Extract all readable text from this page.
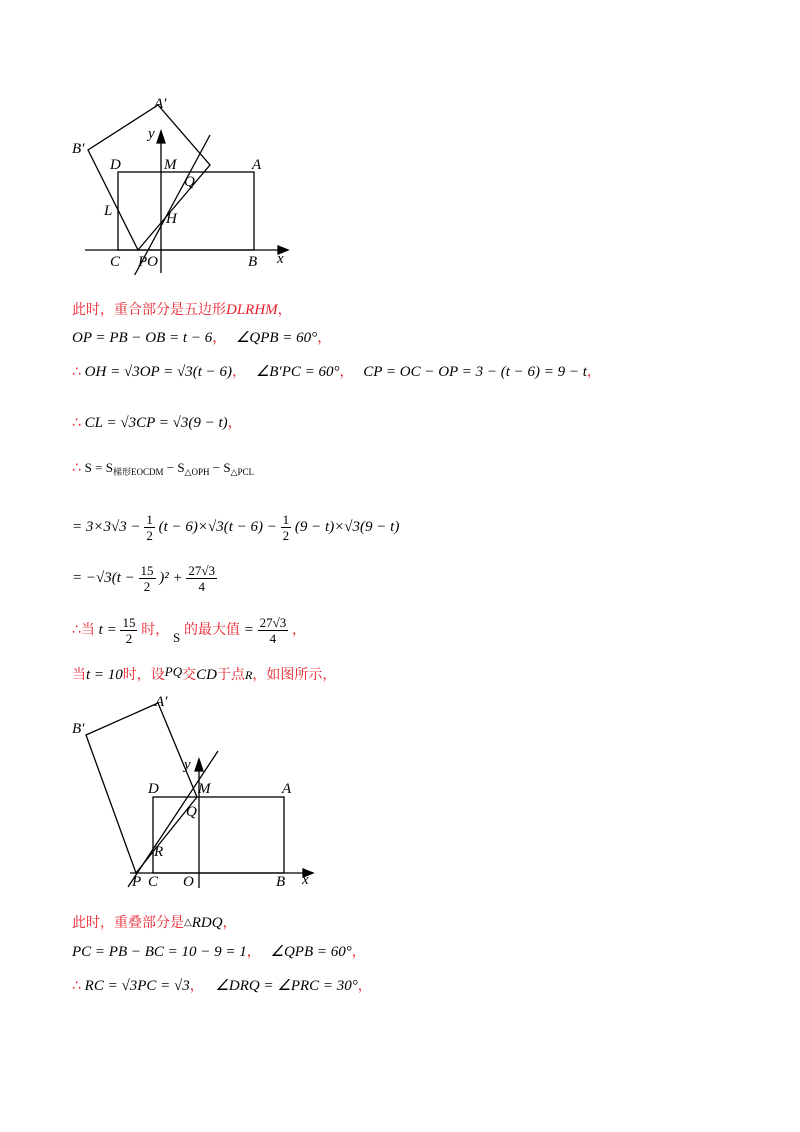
A′
B′
y
D	M	A
Q
L	H
C PO	B x
此时，重合部分是五边形DLRHM，
OP = PB − OB = t − 6， ∠QPB = 60°，
∴ OH = √3OP = √3(t − 6)， ∠B′PC = 60°， CP = OC − OP = 3 − (t − 6) = 9 − t，
∴ CL = √3CP = √3(9 − t)，
∴ $S = S_{梯形EOCDM} - S_{\triangle OPH} - S_{\triangle PCL}$
= $3\times 3√3 - \frac{1}{2} (t - 6)\times√3(t - 6) - \frac{1}{2} (9 - t)\times√3(9 - t)$
= $-√3(t - \frac{15}{2} )^2 + \frac{27√3}{4}$
∴当 $t = \frac{15}{2}$ 时， S 的最大值 = $\frac{27√3}{4}$ ，
当t = 10时，设PQ交CD于点R，如图所示，
A′
B′
y
D	M	A
Q
R
P C O	B x
此时，重叠部分是△RDQ，
PC = PB − BC = 10 − 9 = 1， ∠QPB = 60°，
∴ RC = √3PC = √3， ∠DRQ = ∠PRC = 30°，
